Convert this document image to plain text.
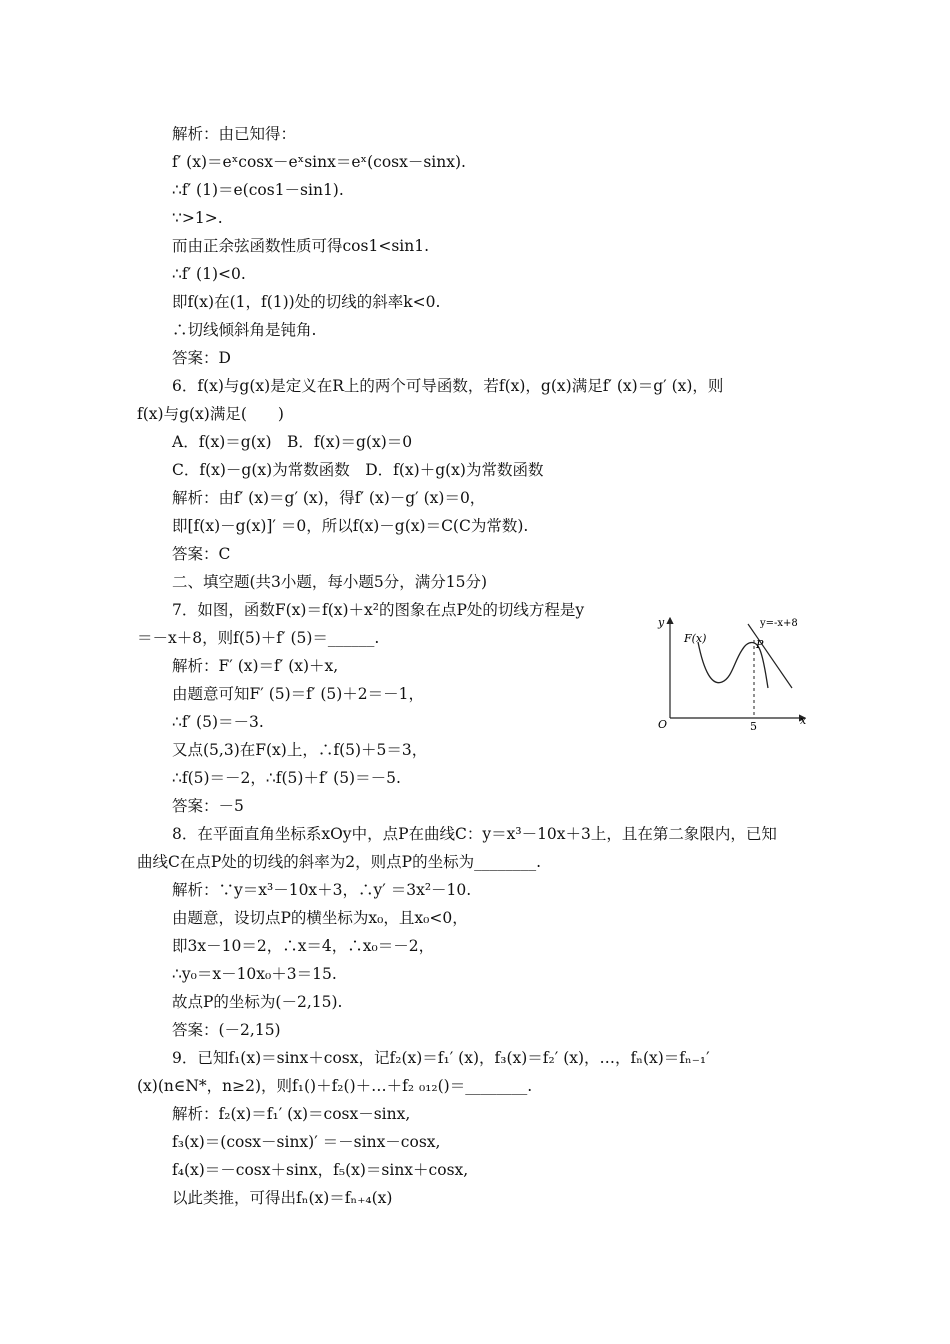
解析：由已知得：
f′ (x)＝eˣcosx－eˣsinx＝eˣ(cosx－sinx).
∴f′ (1)＝e(cos1－sin1).
∵>1>.
而由正余弦函数性质可得cos1<sin1.
∴f′ (1)<0.
即f(x)在(1，f(1))处的切线的斜率k<0.
∴切线倾斜角是钝角.
答案：D
6．f(x)与g(x)是定义在R上的两个可导函数，若f(x)，g(x)满足f′ (x)＝g′ (x)，则
f(x)与g(x)满足(　　)
A．f(x)＝g(x)　B．f(x)＝g(x)＝0
C．f(x)－g(x)为常数函数　D．f(x)＋g(x)为常数函数
解析：由f′ (x)＝g′ (x)，得f′ (x)－g′ (x)＝0，
即[f(x)－g(x)]′ ＝0，所以f(x)－g(x)＝C(C为常数).
答案：C
二、填空题(共3小题，每小题5分，满分15分)
7．如图，函数F(x)＝f(x)＋x²的图象在点P处的切线方程是y
＝－x＋8，则f(5)＋f′ (5)＝______.
解析：F′ (x)＝f′ (x)＋x,
由题意可知F′ (5)＝f′ (5)＋2＝－1，
∴f′ (5)＝－3.
又点(5,3)在F(x)上，∴f(5)＋5＝3，
∴f(5)＝－2，∴f(5)＋f′ (5)＝－5.
答案：－5
8．在平面直角坐标系xOy中，点P在曲线C：y＝x³－10x＋3上，且在第二象限内，已知
曲线C在点P处的切线的斜率为2，则点P的坐标为________.
解析：∵y＝x³－10x＋3，∴y′ ＝3x²－10.
由题意，设切点P的横坐标为x₀，且x₀<0，
即3x－10＝2，∴x＝4，∴x₀＝－2，
∴y₀＝x－10x₀＋3＝15.
故点P的坐标为(－2,15).
答案：(－2,15)
9．已知f₁(x)＝sinx＋cosx，记f₂(x)＝f₁′ (x)，f₃(x)＝f₂′ (x)，…，fₙ(x)＝fₙ₋₁′
(x)(n∈N*，n≥2)，则f₁()＋f₂()＋…＋f₂ ₀₁₂()＝________.
解析：f₂(x)＝f₁′ (x)＝cosx－sinx,
f₃(x)＝(cosx－sinx)′ ＝－sinx－cosx,
f₄(x)＝－cosx＋sinx，f₅(x)＝sinx＋cosx,
以此类推，可得出fₙ(x)＝fₙ₊₄(x)
y
x
O
F(x)
y=-x+8
P
5
